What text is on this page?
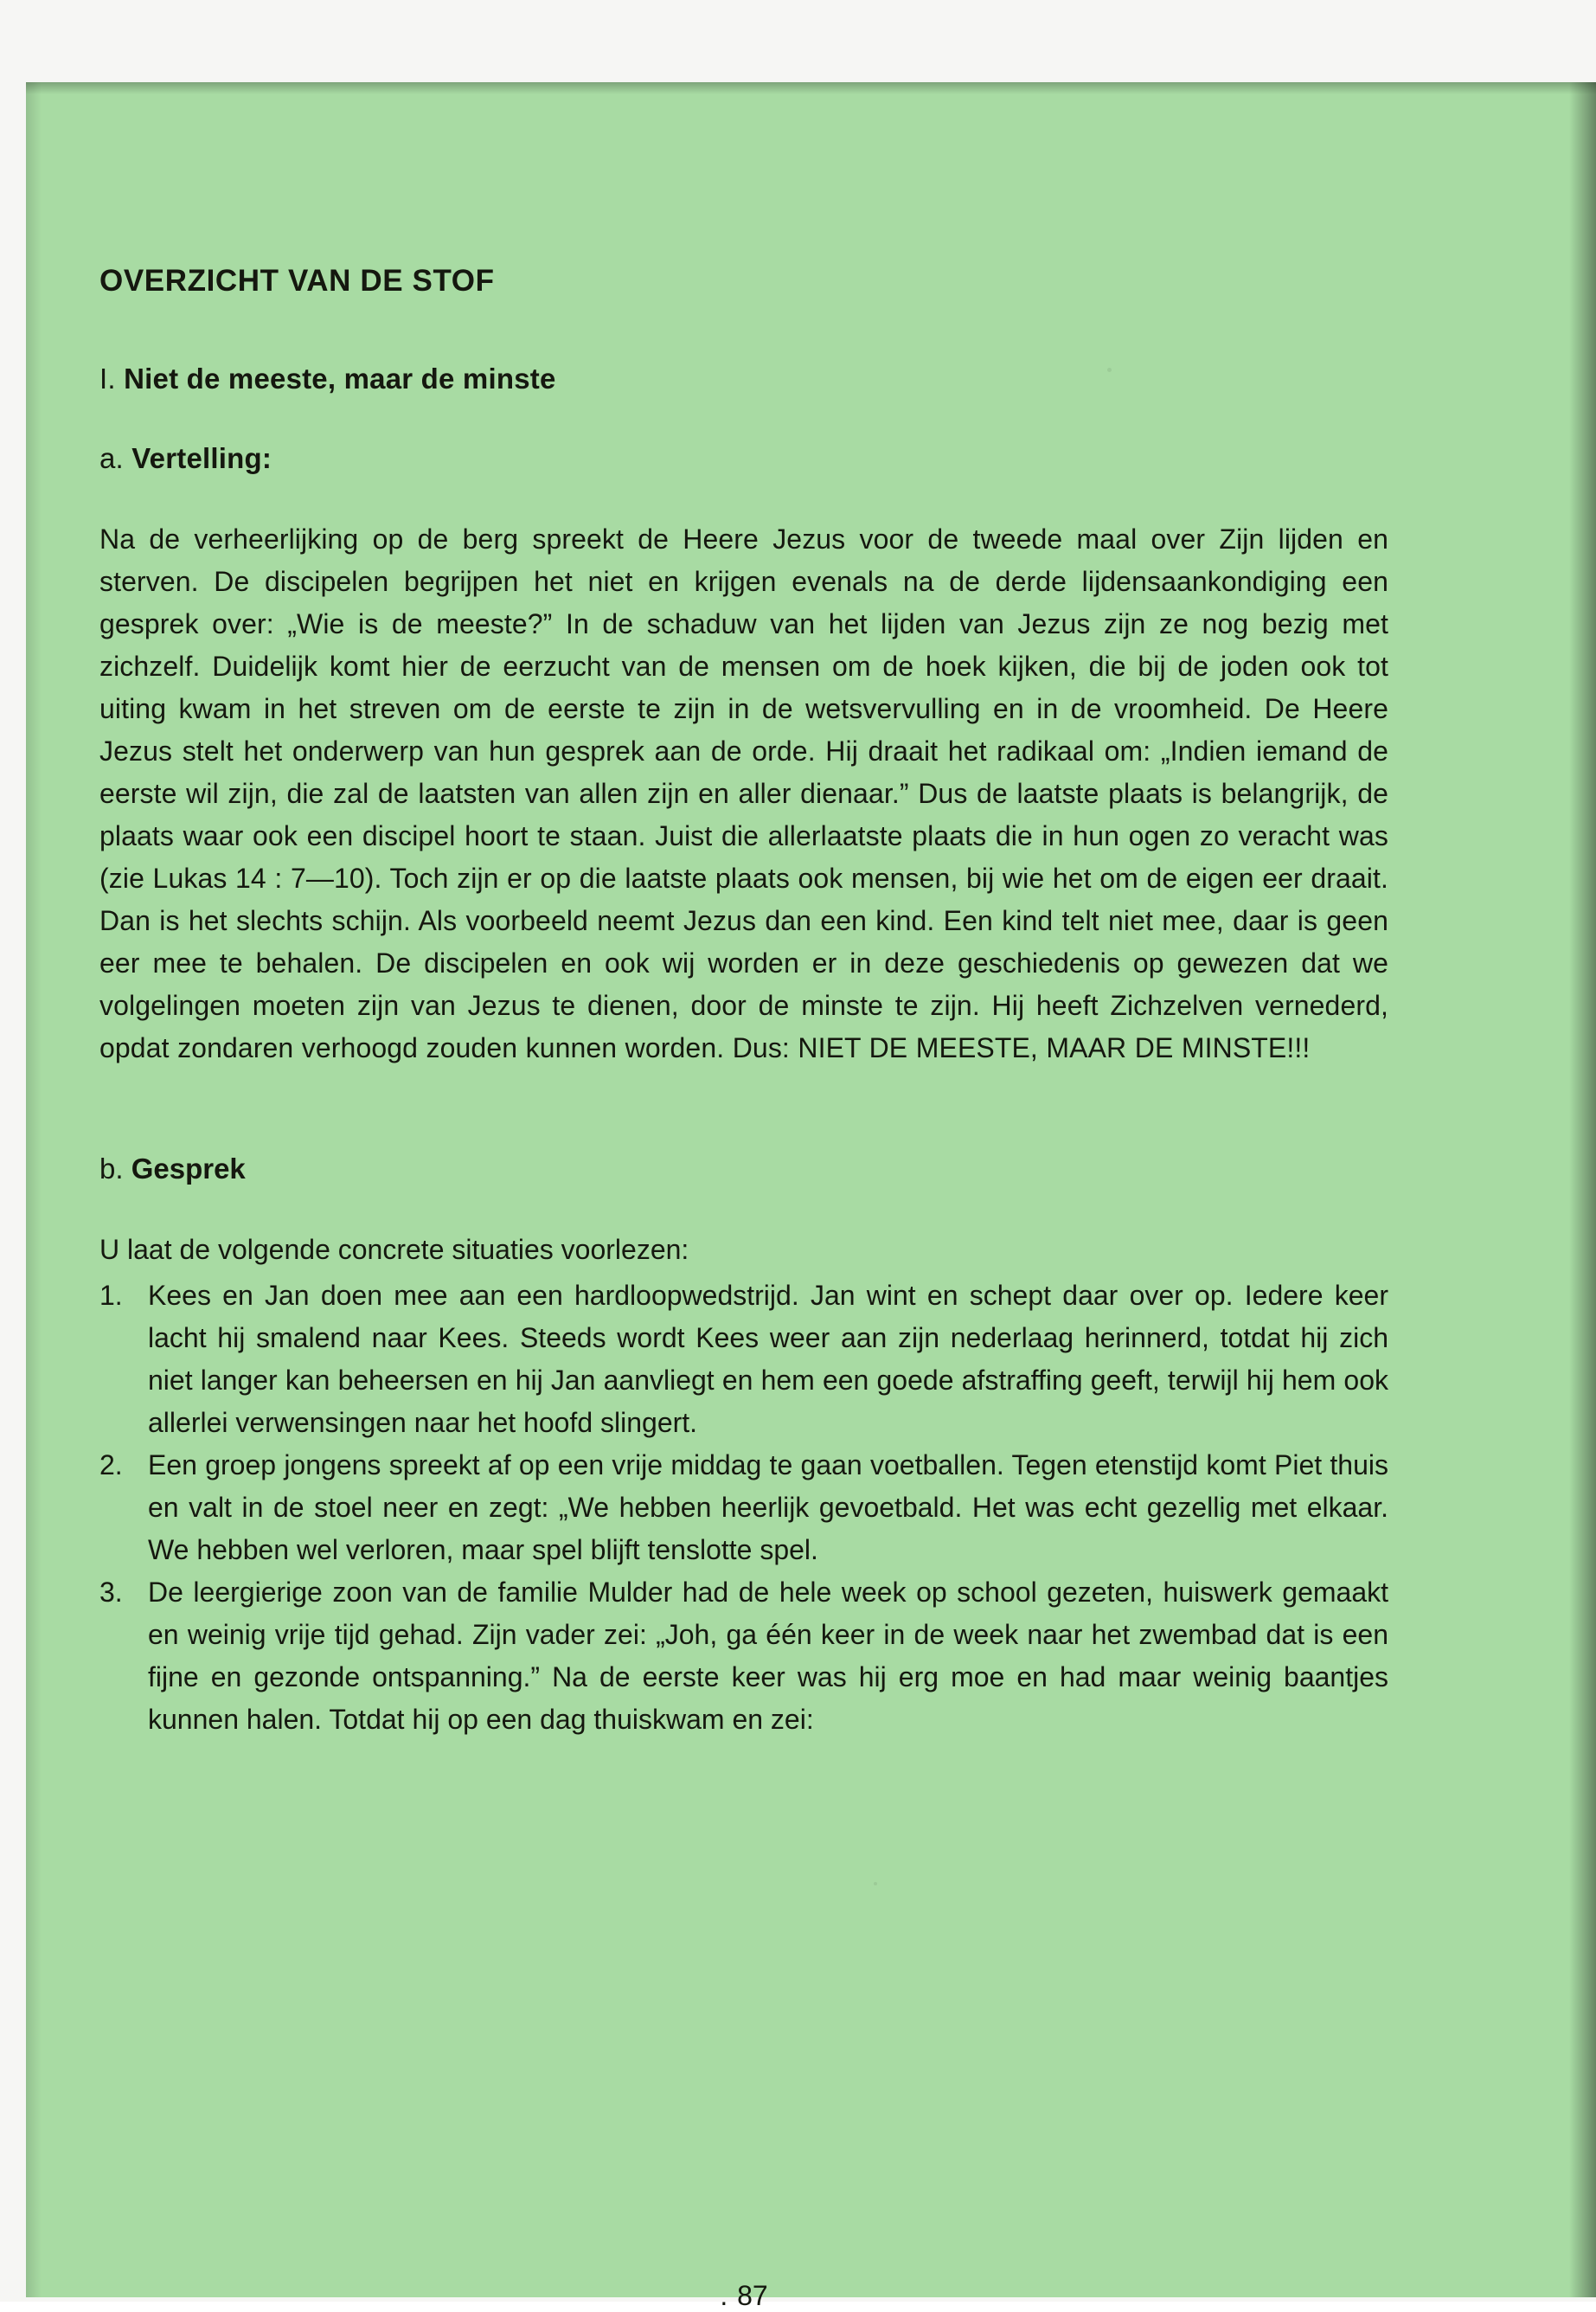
OVERZICHT VAN DE STOF
I. Niet de meeste, maar de minste
a. Vertelling:

Na de verheerlijking op de berg spreekt de Heere Jezus voor de tweede maal over Zijn lijden en sterven. De discipelen begrijpen het niet en krijgen evenals na de derde lijdensaankondiging een gesprek over: „Wie is de meeste?” In de schaduw van het lijden van Jezus zijn ze nog bezig met zichzelf. Duidelijk komt hier de eerzucht van de mensen om de hoek kijken, die bij de joden ook tot uiting kwam in het streven om de eerste te zijn in de wetsvervulling en in de vroomheid. De Heere Jezus stelt het onderwerp van hun gesprek aan de orde. Hij draait het radikaal om: „Indien iemand de eerste wil zijn, die zal de laatsten van allen zijn en aller dienaar.” Dus de laatste plaats is belangrijk, de plaats waar ook een discipel hoort te staan. Juist die allerlaatste plaats die in hun ogen zo veracht was (zie Lukas 14 : 7—10). Toch zijn er op die laatste plaats ook mensen, bij wie het om de eigen eer draait. Dan is het slechts schijn. Als voorbeeld neemt Jezus dan een kind. Een kind telt niet mee, daar is geen eer mee te behalen. De discipelen en ook wij worden er in deze geschiedenis op gewezen dat we volgelingen moeten zijn van Jezus te dienen, door de minste te zijn. Hij heeft Zichzelven vernederd, opdat zondaren verhoogd zouden kunnen worden. Dus: NIET DE MEESTE, MAAR DE MINSTE!!!

b. Gesprek

U laat de volgende concrete situaties voorlezen:

1. Kees en Jan doen mee aan een hardloopwedstrijd. Jan wint en schept daar over op. Iedere keer lacht hij smalend naar Kees. Steeds wordt Kees weer aan zijn nederlaag herinnerd, totdat hij zich niet langer kan beheersen en hij Jan aanvliegt en hem een goede afstraffing geeft, terwijl hij hem ook allerlei verwensingen naar het hoofd slingert.
2. Een groep jongens spreekt af op een vrije middag te gaan voetballen. Tegen etenstijd komt Piet thuis en valt in de stoel neer en zegt: „We hebben heerlijk gevoetbald. Het was echt gezellig met elkaar. We hebben wel verloren, maar spel blijft tenslotte spel.
3. De leergierige zoon van de familie Mulder had de hele week op school gezeten, huiswerk gemaakt en weinig vrije tijd gehad. Zijn vader zei: „Joh, ga één keer in de week naar het zwembad dat is een fijne en gezonde ontspanning.” Na de eerste keer was hij erg moe en had maar weinig baantjes kunnen halen. Totdat hij op een dag thuiskwam en zei:
. 87
